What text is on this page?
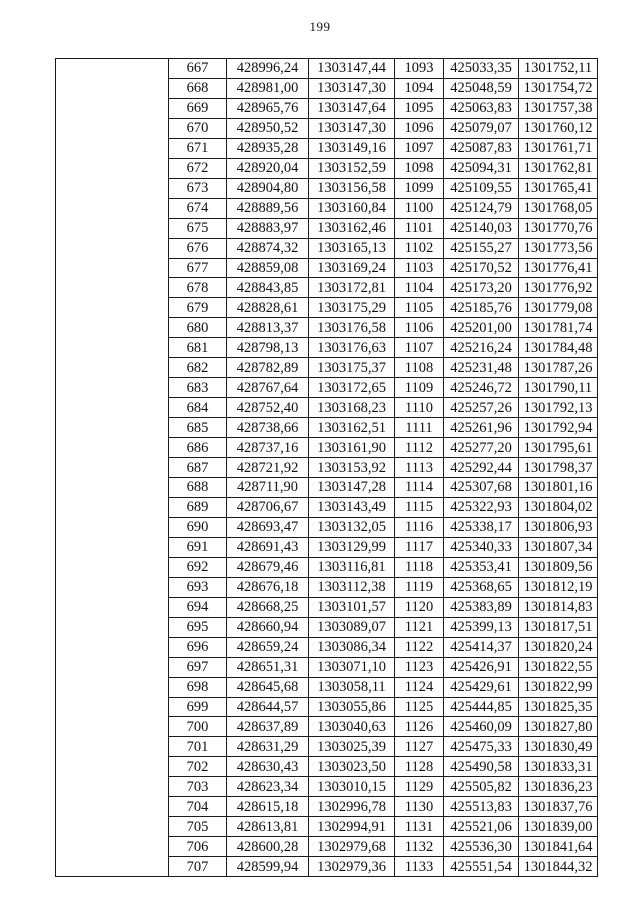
199
	667	428996,24	1303147,44	1093	425033,35	1301752,11
	668	428981,00	1303147,30	1094	425048,59	1301754,72
	669	428965,76	1303147,64	1095	425063,83	1301757,38
	670	428950,52	1303147,30	1096	425079,07	1301760,12
	671	428935,28	1303149,16	1097	425087,83	1301761,71
	672	428920,04	1303152,59	1098	425094,31	1301762,81
	673	428904,80	1303156,58	1099	425109,55	1301765,41
	674	428889,56	1303160,84	1100	425124,79	1301768,05
	675	428883,97	1303162,46	1101	425140,03	1301770,76
	676	428874,32	1303165,13	1102	425155,27	1301773,56
	677	428859,08	1303169,24	1103	425170,52	1301776,41
	678	428843,85	1303172,81	1104	425173,20	1301776,92
	679	428828,61	1303175,29	1105	425185,76	1301779,08
	680	428813,37	1303176,58	1106	425201,00	1301781,74
	681	428798,13	1303176,63	1107	425216,24	1301784,48
	682	428782,89	1303175,37	1108	425231,48	1301787,26
	683	428767,64	1303172,65	1109	425246,72	1301790,11
	684	428752,40	1303168,23	1110	425257,26	1301792,13
	685	428738,66	1303162,51	1111	425261,96	1301792,94
	686	428737,16	1303161,90	1112	425277,20	1301795,61
	687	428721,92	1303153,92	1113	425292,44	1301798,37
	688	428711,90	1303147,28	1114	425307,68	1301801,16
	689	428706,67	1303143,49	1115	425322,93	1301804,02
	690	428693,47	1303132,05	1116	425338,17	1301806,93
	691	428691,43	1303129,99	1117	425340,33	1301807,34
	692	428679,46	1303116,81	1118	425353,41	1301809,56
	693	428676,18	1303112,38	1119	425368,65	1301812,19
	694	428668,25	1303101,57	1120	425383,89	1301814,83
	695	428660,94	1303089,07	1121	425399,13	1301817,51
	696	428659,24	1303086,34	1122	425414,37	1301820,24
	697	428651,31	1303071,10	1123	425426,91	1301822,55
	698	428645,68	1303058,11	1124	425429,61	1301822,99
	699	428644,57	1303055,86	1125	425444,85	1301825,35
	700	428637,89	1303040,63	1126	425460,09	1301827,80
	701	428631,29	1303025,39	1127	425475,33	1301830,49
	702	428630,43	1303023,50	1128	425490,58	1301833,31
	703	428623,34	1303010,15	1129	425505,82	1301836,23
	704	428615,18	1302996,78	1130	425513,83	1301837,76
	705	428613,81	1302994,91	1131	425521,06	1301839,00
	706	428600,28	1302979,68	1132	425536,30	1301841,64
	707	428599,94	1302979,36	1133	425551,54	1301844,32
